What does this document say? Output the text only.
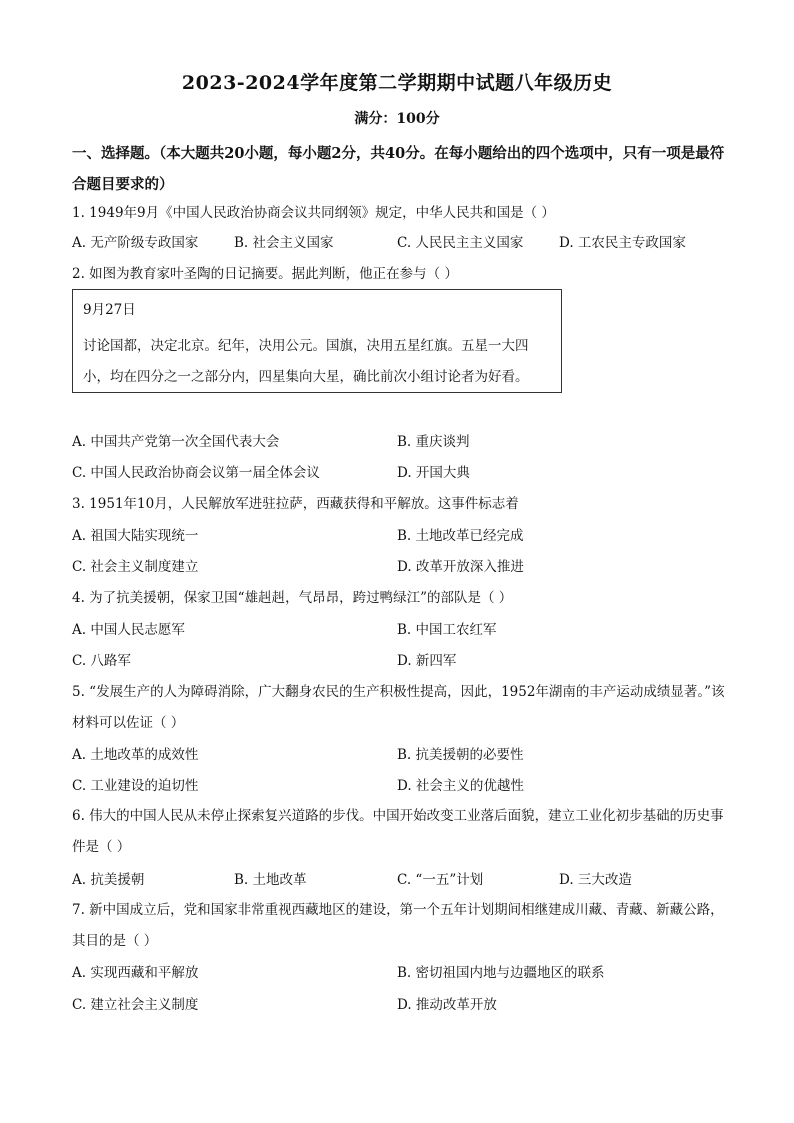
2023-2024学年度第二学期期中试题八年级历史
满分：100分
一、选择题。（本大题共20小题，每小题2分，共40分。在每小题给出的四个选项中，只有一项是最符合题目要求的）
1. 1949年9月《中国人民政治协商会议共同纲领》规定，中华人民共和国是（ ）
A. 无产阶级专政国家	B. 社会主义国家	C. 人民民主主义国家	D. 工农民主专政国家
2. 如图为教育家叶圣陶的日记摘要。据此判断，他正在参与（ ）
9月27日
讨论国都，决定北京。纪年，决用公元。国旗，决用五星红旗。五星一大四小，均在四分之一之部分内，四星集向大星，确比前次小组讨论者为好看。
A. 中国共产党第一次全国代表大会	B. 重庆谈判
C. 中国人民政治协商会议第一届全体会议	D. 开国大典
3. 1951年10月，人民解放军进驻拉萨，西藏获得和平解放。这事件标志着
A. 祖国大陆实现统一	B. 土地改革已经完成
C. 社会主义制度建立	D. 改革开放深入推进
4. 为了抗美援朝，保家卫国“雄赳赳，气昂昂，跨过鸭绿江”的部队是（ ）
A. 中国人民志愿军	B. 中国工农红军
C. 八路军	D. 新四军
5. “发展生产的人为障碍消除，广大翻身农民的生产积极性提高，因此，1952年湖南的丰产运动成绩显著。”该材料可以佐证（ ）
A. 土地改革的成效性	B. 抗美援朝的必要性
C. 工业建设的迫切性	D. 社会主义的优越性
6. 伟大的中国人民从未停止探索复兴道路的步伐。中国开始改变工业落后面貌，建立工业化初步基础的历史事件是（ ）
A. 抗美援朝	B. 土地改革	C. “一五”计划	D. 三大改造
7. 新中国成立后，党和国家非常重视西藏地区的建设，第一个五年计划期间相继建成川藏、青藏、新藏公路，其目的是（ ）
A. 实现西藏和平解放	B. 密切祖国内地与边疆地区的联系
C. 建立社会主义制度	D. 推动改革开放
